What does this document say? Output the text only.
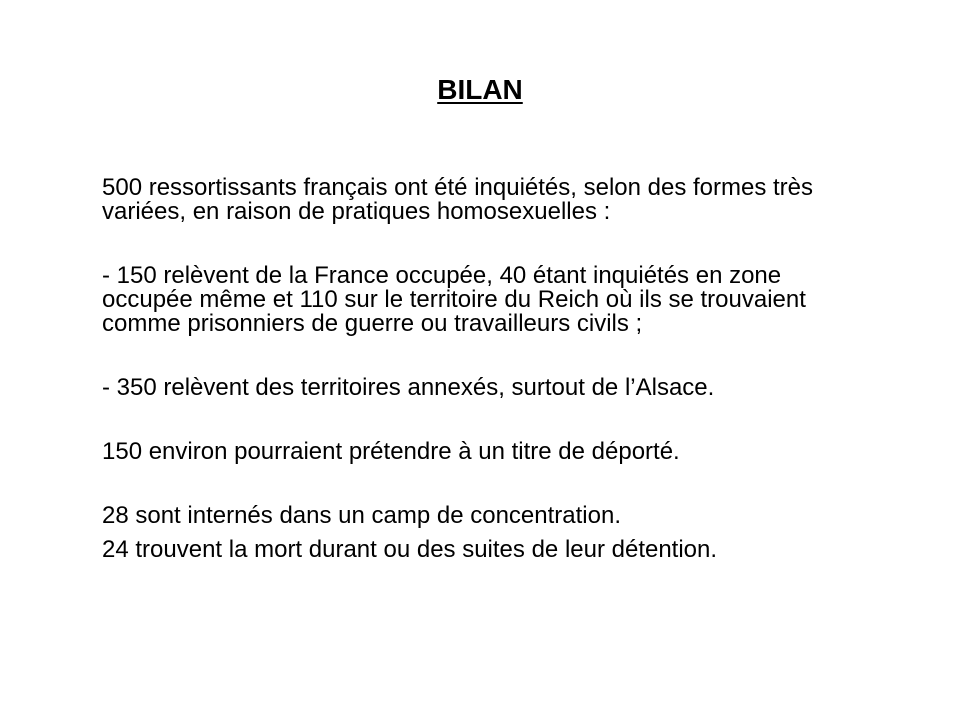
BILAN

500 ressortissants français ont été inquiétés, selon des formes très
variées, en raison de pratiques homosexuelles :

- 150 relèvent de la France occupée, 40 étant inquiétés en zone
occupée même et 110 sur le territoire du Reich où ils se trouvaient
comme prisonniers de guerre ou travailleurs civils ;

- 350 relèvent des territoires annexés, surtout de l’Alsace.

150 environ pourraient prétendre à un titre de déporté.

28 sont internés dans un camp de concentration.

24 trouvent la mort durant ou des suites de leur détention.
